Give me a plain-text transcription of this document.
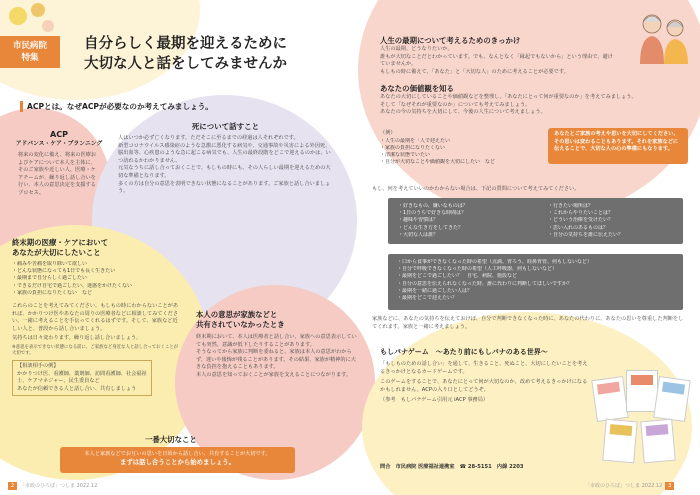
市民病院
特集
自分らしく最期を迎えるために
大切な人と話をしてみませんか
ACPとは。なぜACPが必要なのか考えてみましょう。
ACP
アドバンス・ケア・プランニング

将来の変化に備え、将来の医療およびケアについて本人を主体に、そのご家族や近しい人、医療・ケアチームが、繰り返し話し合いを行い、本人の意思決定を支援するプロセス。

死について話すこと

人はいつか必ず亡くなります。ただそこに至るまでの経過は人それぞれです。

新型コロナウイルス感染症のような急激に悪化する病気や、交通事故や災害による外因死、脳出血等、心疾患のような急に起こる病気でも、人生の最終段階をどこで迎えるのかは、いつ訪れるかわかりません。

元気なうちに話し合っておくことで、もしもの時にも、その人らしい最期を迎えるための大切な準備となります。

多くの方は自分の意思を表明できない状態になることがあります。ご家族と話し合いましょう。

終末期の医療・ケアにおいて
あなたが大切にしたいこと
・痛みや苦痛を取り除いて欲しい
・どんな状態になっても1日でも長く生きたい
・最期まで自分らしく過ごしたい
・できるだけ自宅で過ごしたい、迷惑をかけたくない
・家族の負担になりたくない　など

これらのことを考えてみてください。もしもの時にわからないことがあれば、かかりつけ医やあなたの周りの医療者などに相談してみてください。一緒に考えることを手伝ってくれるはずです。そして、家族など近しい人と、普段から話し合いましょう。

気持ちは日々変わります。繰り返し話し合いましょう。

※意思を表示できない状態になる前に、ご家族など身近な人と話し合っておくことが大切です。

【相談相手の例】

かかりつけ医、看護師、薬剤師、訪問看護師、社会福祉士、ケアマネジャー、民生委員など

あなたが信頼できる人と話し合い、共有しましょう

本人の意思が家族などと
共有されていなかったとき

終末期において、本人は医療者と話し合い、家族への意思表示していても突然、意識が低下したりすることがあります。

そうなってから家族に判断を委ねると、家族は本人の意思がわからず、迷いや後悔が残ることがあります。その結果、家族が精神的に大きな負担を抱えることもあります。

本人の意思を知っておくことが家族を支えることにつながります。

一番大切なこと
本人と家族などでお互いの思いを日頃から話し合い、共有することが大切です。
まずは話し合うことから始めましょう。
人生の最期について考えるためのきっかけ

人生の最期、どうなりたいか。

誰もが大切なことだとわかっています。でも、なんとなく「縁起でもないから」という理由で、避けていませんか。

もしもの時に備えて、「あなた」と「大切な人」のために考えることが必要です。

あなたの価値観を知る

あなたの大切にしていることや価値観などを整理し、「あなたにとって何が重要なのか」を考えてみましょう。

そして「なぜそれが重要なのか」についても考えてみましょう。

あなたの今の気持ちを大切にして、今後の人生について考えましょう。

（例）

・人生の最期を「人で迎えたい
・家族の負担になりたくない
・清潔な状態でいたい
・自分が大切なことや価値観を大切にしたい　など
あなたとご家族の考えや思いを大切にしてください。その思いは変わることもあります。それを家族などに伝えることで、大切な人の心の準備にもなります。

もし、何を考えていいのかわからない場合は、下記の質問について考えてみてください。

・好きなもの、嫌いなものは？
・1日のうちで好きな時間は？
・趣味や習慣は？
・どんな生き方をしてきた？
・大切な人は誰？
・行きたい場所は？
・これからやりたいことは？
・どういう治療を受けたい？
・思い入れのあるものは？
・自分の気持ちを誰に伝えたい？
・口から食事ができなくなった時の希望（点滴、胃ろう、経鼻胃管、何もしないなど）
・自分で呼吸できなくなった時の希望（人工呼吸器、何もしないなど）
・最期をどこで過ごしたい？　自宅、病院、施設など
・自分の意思を伝えられなくなった時、誰に代わりに判断してほしいですか？
・最期を一緒に過ごしたい人は？
・最期をどこで迎えたい？

家族などに、あなたの気持ちを伝えておけば、自分で判断できなくなった時に、あなたの代わりに、あなたの思いを尊重した判断をしてくれます。家族と一緒に考えましょう。

もしバナゲーム　～あたり前にもしバナのある世界～

「もしものための話し合い」を通して、生きること、死ぬこと、大切にしたいことを考えるきっかけとなるカードゲームです。

このゲームをすることで、あなたにとって何が大切なのか、改めて考えるきっかけになるかもしれません。ACPの入り口としてどうぞ。

（参考　もしバナゲーム引用元 iACP 事務局）

問合　市民病院 医療福祉連携室　☎ 28-5151　内線 2203

2 「市政のひろば」つしま 2022.12	「市政のひろば」つしま 2022.12 3
